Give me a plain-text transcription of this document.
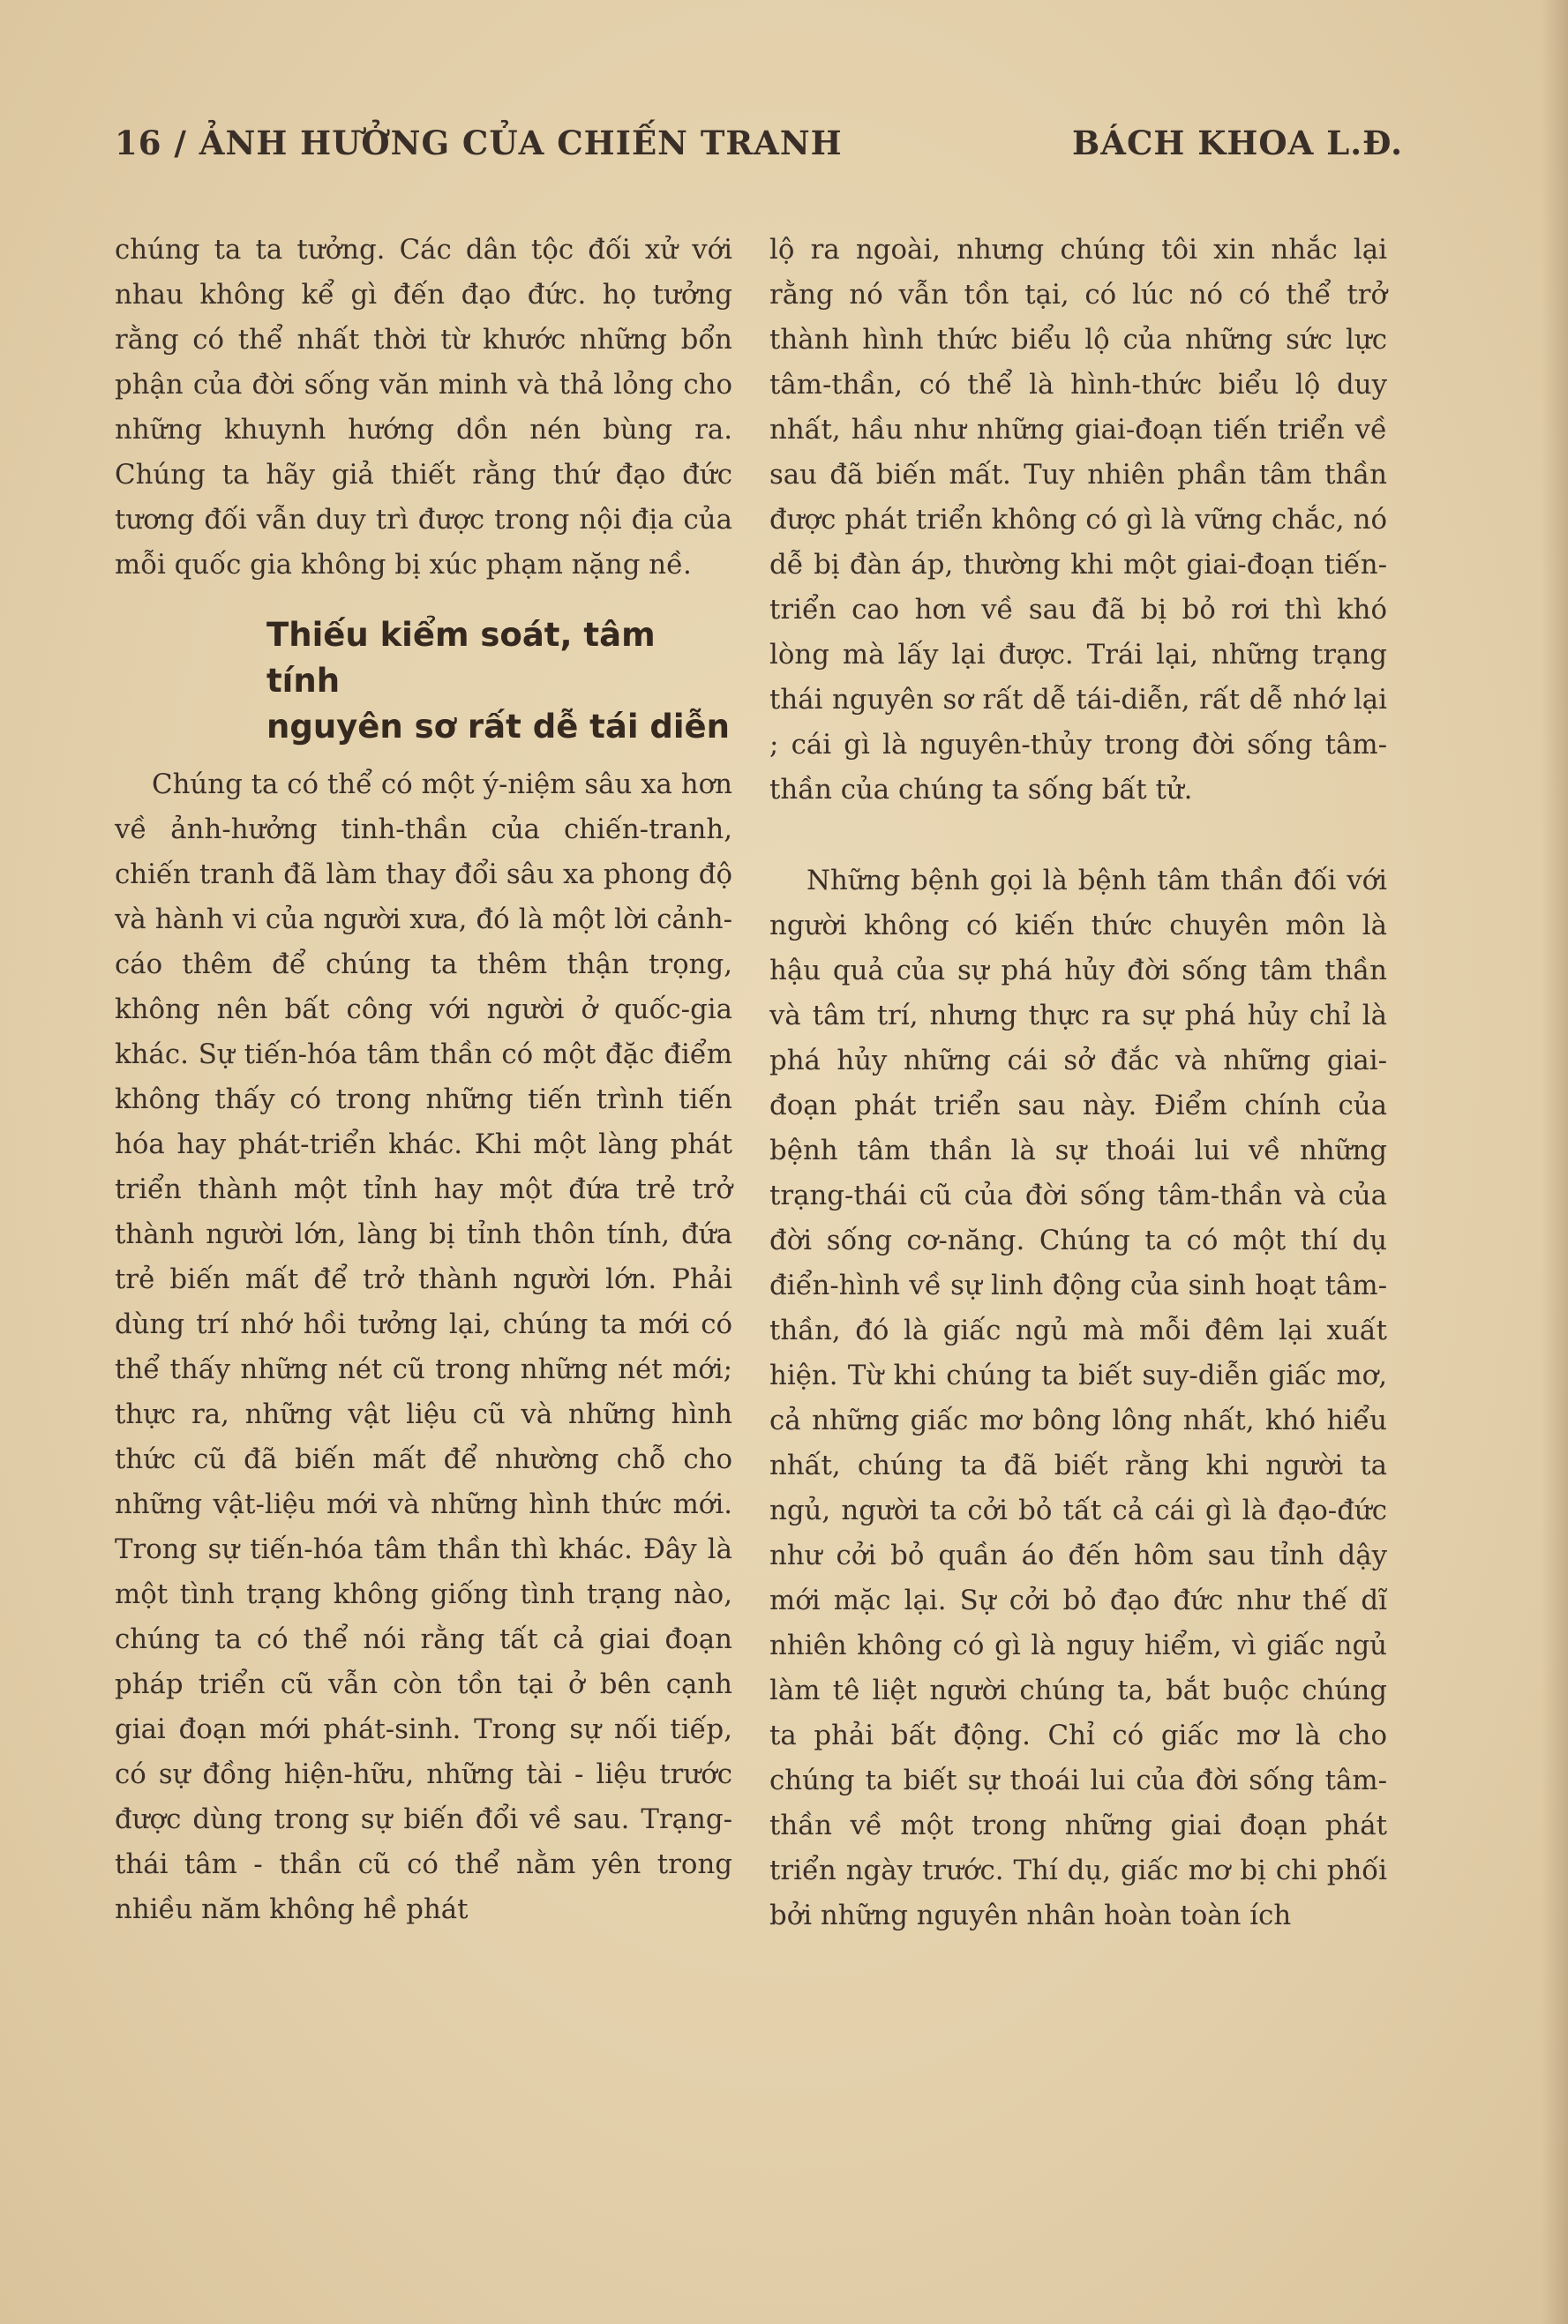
16 / ẢNH HƯỞNG CỦA CHIẾN TRANH	BÁCH KHOA L.Đ.

chúng ta ta tưởng. Các dân tộc đối xử với nhau không kể gì đến đạo đức. họ tưởng rằng có thể nhất thời từ khước những bổn phận của đời sống văn minh và thả lỏng cho những khuynh hướng dồn nén bùng ra. Chúng ta hãy giả thiết rằng thứ đạo đức tương đối vẫn duy trì được trong nội địa của mỗi quốc gia không bị xúc phạm nặng nề.

Thiếu kiểm soát, tâm tính
nguyên sơ rất dễ tái diễn

Chúng ta có thể có một ý-niệm sâu xa hơn về ảnh-hưởng tinh-thần của chiến-tranh, chiến tranh đã làm thay đổi sâu xa phong độ và hành vi của người xưa, đó là một lời cảnh-cáo thêm để chúng ta thêm thận trọng, không nên bất công với người ở quốc-gia khác. Sự tiến-hóa tâm thần có một đặc điểm không thấy có trong những tiến trình tiến hóa hay phát-triển khác. Khi một làng phát triển thành một tỉnh hay một đứa trẻ trở thành người lớn, làng bị tỉnh thôn tính, đứa trẻ biến mất để trở thành người lớn. Phải dùng trí nhớ hồi tưởng lại, chúng ta mới có thể thấy những nét cũ trong những nét mới; thực ra, những vật liệu cũ và những hình thức cũ đã biến mất để nhường chỗ cho những vật-liệu mới và những hình thức mới. Trong sự tiến-hóa tâm thần thì khác. Đây là một tình trạng không giống tình trạng nào, chúng ta có thể nói rằng tất cả giai đoạn pháp triển cũ vẫn còn tồn tại ở bên cạnh giai đoạn mới phát-sinh. Trong sự nối tiếp, có sự đồng hiện-hữu, những tài - liệu trước được dùng trong sự biến đổi về sau. Trạng-thái tâm - thần cũ có thể nằm yên trong nhiều năm không hề phát

lộ ra ngoài, nhưng chúng tôi xin nhắc lại rằng nó vẫn tồn tại, có lúc nó có thể trở thành hình thức biểu lộ của những sức lực tâm-thần, có thể là hình-thức biểu lộ duy nhất, hầu như những giai-đoạn tiến triển về sau đã biến mất. Tuy nhiên phần tâm thần được phát triển không có gì là vững chắc, nó dễ bị đàn áp, thường khi một giai-đoạn tiến-triển cao hơn về sau đã bị bỏ rơi thì khó lòng mà lấy lại được. Trái lại, những trạng thái nguyên sơ rất dễ tái-diễn, rất dễ nhớ lại ; cái gì là nguyên-thủy trong đời sống tâm-thần của chúng ta sống bất tử.

Những bệnh gọi là bệnh tâm thần đối với người không có kiến thức chuyên môn là hậu quả của sự phá hủy đời sống tâm thần và tâm trí, nhưng thực ra sự phá hủy chỉ là phá hủy những cái sở đắc và những giai-đoạn phát triển sau này. Điểm chính của bệnh tâm thần là sự thoái lui về những trạng-thái cũ của đời sống tâm-thần và của đời sống cơ-năng. Chúng ta có một thí dụ điển-hình về sự linh động của sinh hoạt tâm-thần, đó là giấc ngủ mà mỗi đêm lại xuất hiện. Từ khi chúng ta biết suy-diễn giấc mơ, cả những giấc mơ bông lông nhất, khó hiểu nhất, chúng ta đã biết rằng khi người ta ngủ, người ta cởi bỏ tất cả cái gì là đạo-đức như cởi bỏ quần áo đến hôm sau tỉnh dậy mới mặc lại. Sự cởi bỏ đạo đức như thế dĩ nhiên không có gì là nguy hiểm, vì giấc ngủ làm tê liệt người chúng ta, bắt buộc chúng ta phải bất động. Chỉ có giấc mơ là cho chúng ta biết sự thoái lui của đời sống tâm-thần về một trong những giai đoạn phát triển ngày trước. Thí dụ, giấc mơ bị chi phối bởi những nguyên nhân hoàn toàn ích
